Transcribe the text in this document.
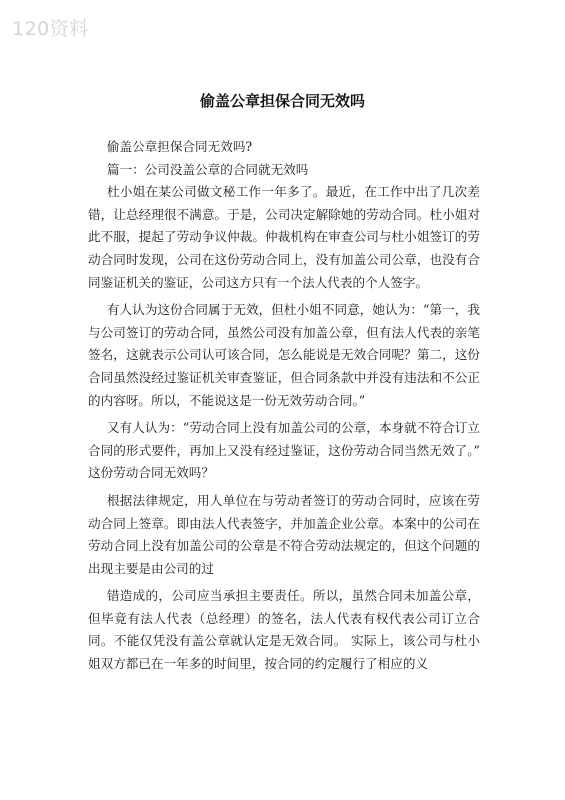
120资料
偷盖公章担保合同无效吗

偷盖公章担保合同无效吗?

篇一：公司没盖公章的合同就无效吗

杜小姐在某公司做文秘工作一年多了。最近，在工作中出了几次差错，让总经理很不满意。于是，公司决定解除她的劳动合同。杜小姐对此不服，提起了劳动争议仲裁。仲裁机构在审查公司与杜小姐签订的劳动合同时发现，公司在这份劳动合同上，没有加盖公司公章，也没有合同鉴证机关的鉴证，公司这方只有一个法人代表的个人签字。

有人认为这份合同属于无效，但杜小姐不同意，她认为：“第一，我与公司签订的劳动合同，虽然公司没有加盖公章，但有法人代表的亲笔签名，这就表示公司认可该合同，怎么能说是无效合同呢？第二，这份合同虽然没经过鉴证机关审查鉴证，但合同条款中并没有违法和不公正的内容呀。所以，不能说这是一份无效劳动合同。”

又有人认为：“劳动合同上没有加盖公司的公章，本身就不符合订立合同的形式要件，再加上又没有经过鉴证，这份劳动合同当然无效了。” 这份劳动合同无效吗？

根据法律规定，用人单位在与劳动者签订的劳动合同时，应该在劳动合同上签章。即由法人代表签字，并加盖企业公章。本案中的公司在劳动合同上没有加盖公司的公章是不符合劳动法规定的，但这个问题的出现主要是由公司的过

错造成的，公司应当承担主要责任。所以，虽然合同未加盖公章，但毕竟有法人代表（总经理）的签名，法人代表有权代表公司订立合同。不能仅凭没有盖公章就认定是无效合同。 实际上，该公司与杜小姐双方都已在一年多的时间里，按合同的约定履行了相应的义
